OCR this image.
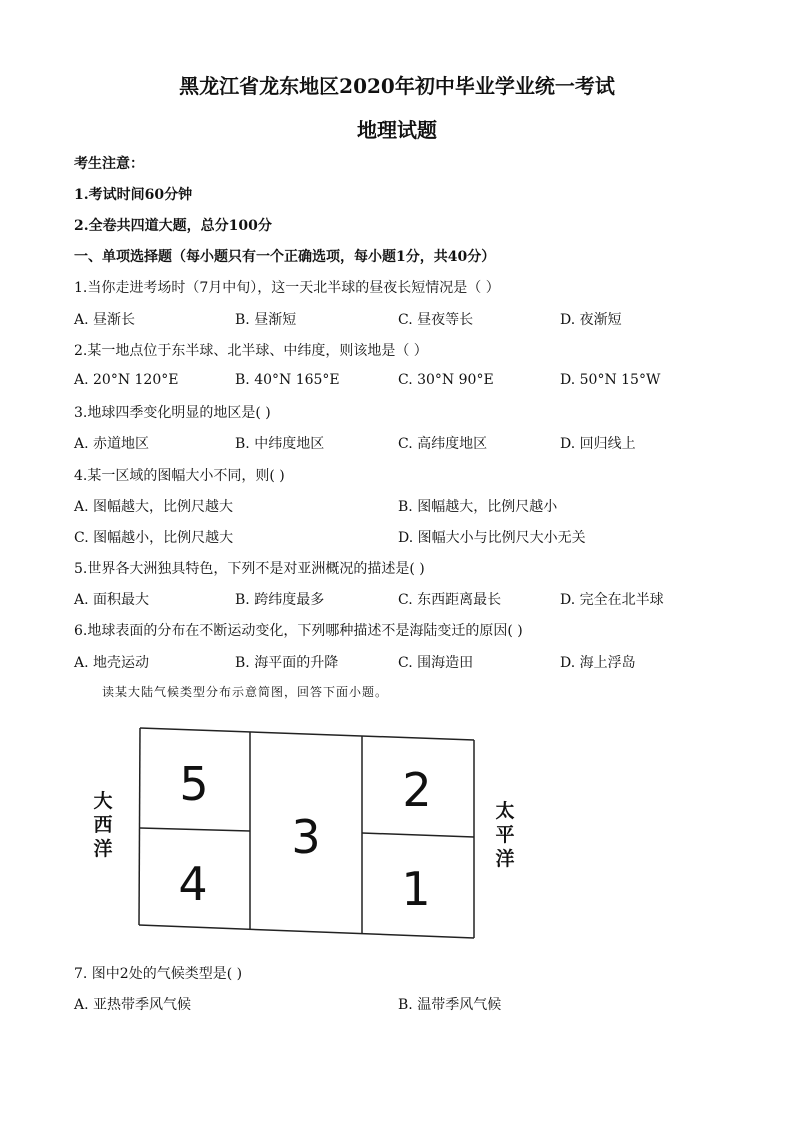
黑龙江省龙东地区2020年初中毕业学业统一考试
地理试题
考生注意：
1.考试时间60分钟
2.全卷共四道大题，总分100分
一、单项选择题（每小题只有一个正确选项，每小题1分，共40分）
1.当你走进考场时（7月中旬），这一天北半球的昼夜长短情况是（ ）
A. 昼渐长	B. 昼渐短	C. 昼夜等长	D. 夜渐短
2.某一地点位于东半球、北半球、中纬度，则该地是（ ）
A. 20°N 120°E	B. 40°N 165°E	C. 30°N 90°E	D. 50°N 15°W
3.地球四季变化明显的地区是( )
A. 赤道地区	B. 中纬度地区	C. 高纬度地区	D. 回归线上
4.某一区域的图幅大小不同，则( )
A. 图幅越大，比例尺越大	B. 图幅越大，比例尺越小
C. 图幅越小，比例尺越大	D. 图幅大小与比例尺大小无关
5.世界各大洲独具特色，下列不是对亚洲概况的描述是( )
A. 面积最大	B. 跨纬度最多	C. 东西距离最长	D. 完全在北半球
6.地球表面的分布在不断运动变化，下列哪种描述不是海陆变迁的原因( )
A. 地壳运动	B. 海平面的升降	C. 围海造田	D. 海上浮岛
读某大陆气候类型分布示意简图，回答下面小题。
5
4
3
2
1
大
西
洋
太
平
洋
7. 图中2处的气候类型是( )
A. 亚热带季风气候	B. 温带季风气候
